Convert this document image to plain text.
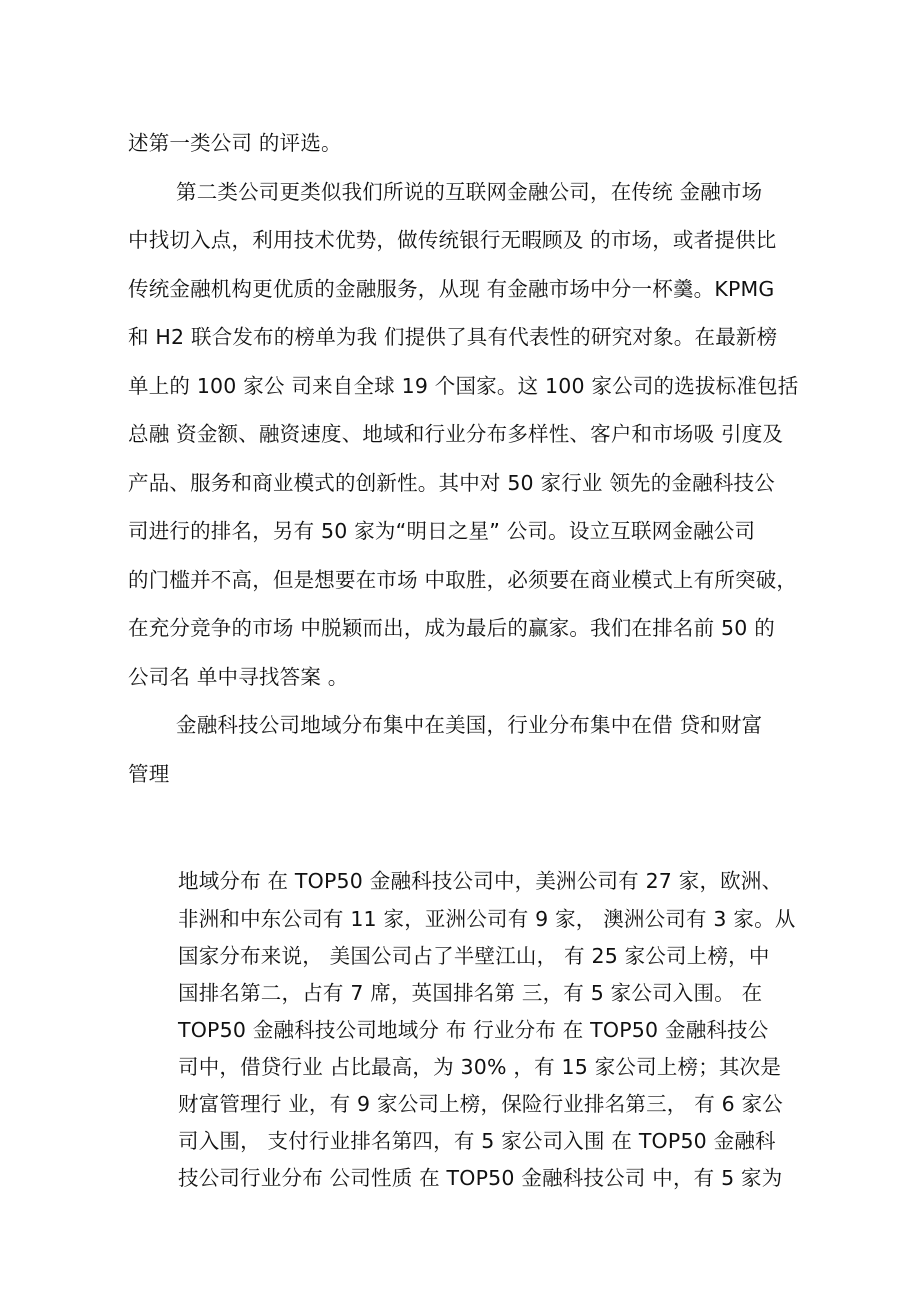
述第一类公司 的评选。
第二类公司更类似我们所说的互联网金融公司，在传统 金融市场
中找切入点，利用技术优势，做传统银行无暇顾及 的市场，或者提供比
传统金融机构更优质的金融服务，从现 有金融市场中分一杯羹。KPMG
和 H2 联合发布的榜单为我 们提供了具有代表性的研究对象。在最新榜
单上的 100 家公 司来自全球 19 个国家。这 100 家公司的选拔标准包括
总融 资金额、融资速度、地域和行业分布多样性、客户和市场吸 引度及
产品、服务和商业模式的创新性。其中对 50 家行业 领先的金融科技公
司进行的排名，另有 50 家为“明日之星” 公司。设立互联网金融公司
的门槛并不高，但是想要在市场 中取胜，必须要在商业模式上有所突破，
在充分竞争的市场 中脱颖而出，成为最后的赢家。我们在排名前 50 的
公司名 单中寻找答案 。
金融科技公司地域分布集中在美国，行业分布集中在借 贷和财富
管理
地域分布 在 TOP50 金融科技公司中，美洲公司有 27 家，欧洲、
非洲和中东公司有 11 家，亚洲公司有 9 家， 澳洲公司有 3 家。从
国家分布来说， 美国公司占了半壁江山， 有 25 家公司上榜，中
国排名第二，占有 7 席，英国排名第 三，有 5 家公司入围。 在
TOP50 金融科技公司地域分 布 行业分布 在 TOP50 金融科技公
司中，借贷行业 占比最高，为 30% ，有 15 家公司上榜；其次是
财富管理行 业，有 9 家公司上榜，保险行业排名第三， 有 6 家公
司入围， 支付行业排名第四，有 5 家公司入围 在 TOP50 金融科
技公司行业分布 公司性质 在 TOP50 金融科技公司 中，有 5 家为
